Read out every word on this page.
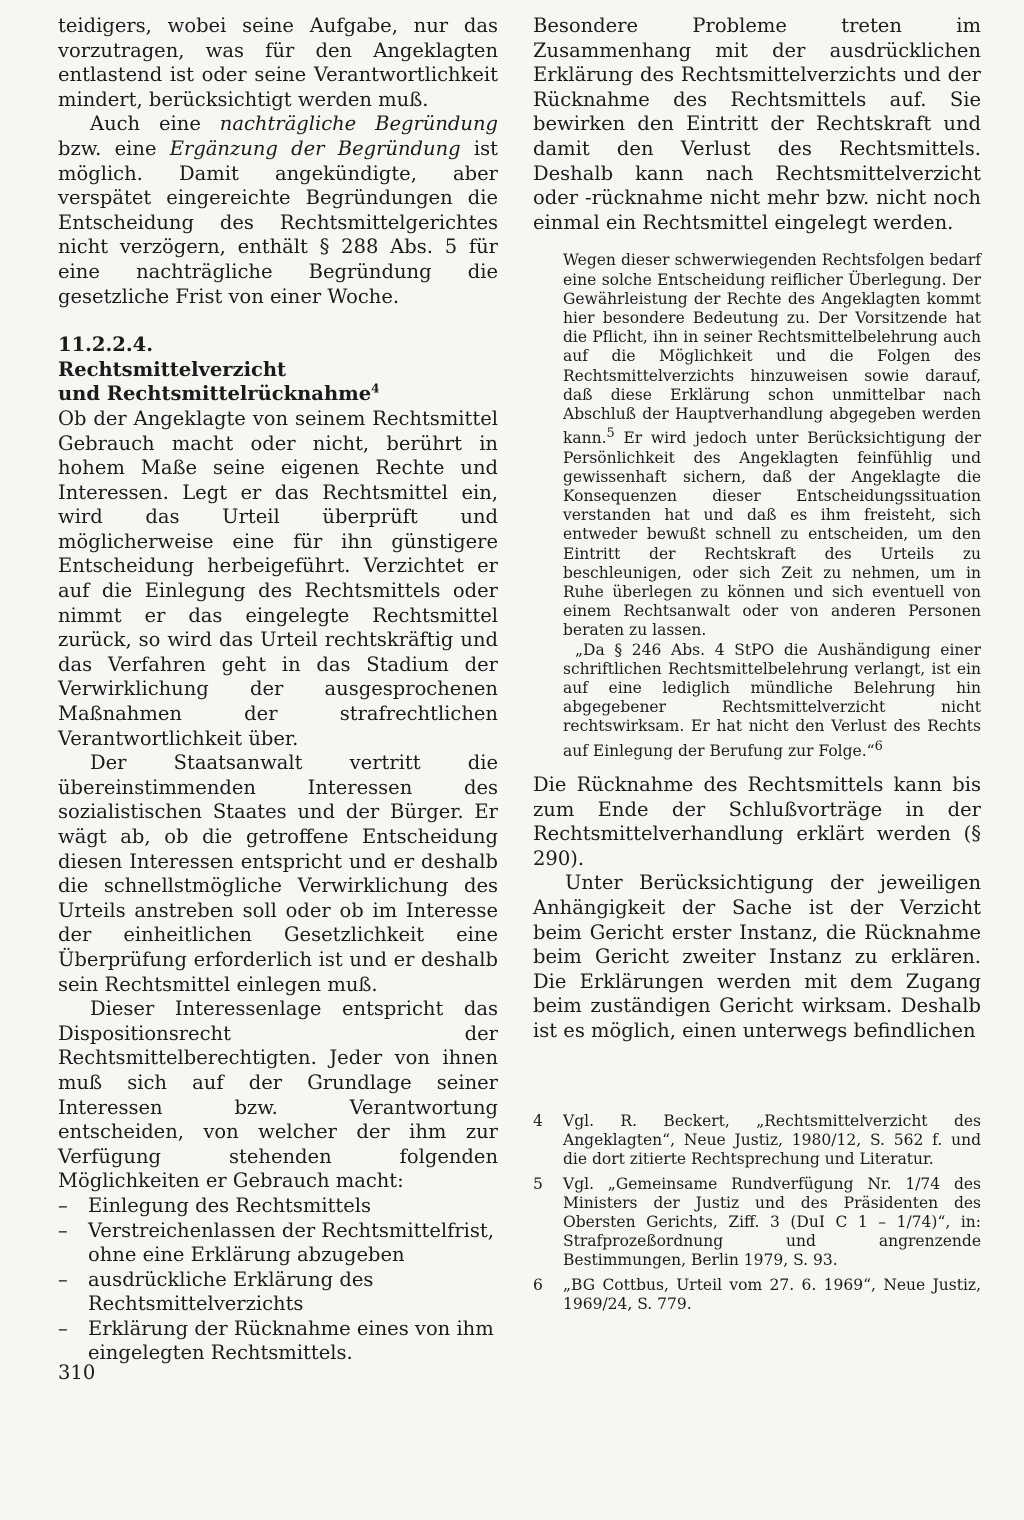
teidigers, wobei seine Aufgabe, nur das vorzutragen, was für den Angeklagten entlastend ist oder seine Verantwortlichkeit mindert, berücksichtigt werden muß.

Auch eine nachträgliche Begründung bzw. eine Ergänzung der Begründung ist möglich. Damit angekündigte, aber verspätet eingereichte Begründungen die Entscheidung des Rechtsmittelgerichtes nicht verzögern, enthält § 288 Abs. 5 für eine nachträgliche Begründung die gesetzliche Frist von einer Woche.

11.2.2.4.
Rechtsmittelverzicht
und Rechtsmittelrücknahme$^4$

Ob der Angeklagte von seinem Rechtsmittel Gebrauch macht oder nicht, berührt in hohem Maße seine eigenen Rechte und Interessen. Legt er das Rechtsmittel ein, wird das Urteil überprüft und möglicherweise eine für ihn günstigere Entscheidung herbeigeführt. Verzichtet er auf die Einlegung des Rechtsmittels oder nimmt er das eingelegte Rechtsmittel zurück, so wird das Urteil rechtskräftig und das Verfahren geht in das Stadium der Verwirklichung der ausgesprochenen Maßnahmen der strafrechtlichen Verantwortlichkeit über.

Der Staatsanwalt vertritt die übereinstimmenden Interessen des sozialistischen Staates und der Bürger. Er wägt ab, ob die getroffene Entscheidung diesen Interessen entspricht und er deshalb die schnellstmögliche Verwirklichung des Urteils anstreben soll oder ob im Interesse der einheitlichen Gesetzlichkeit eine Überprüfung erforderlich ist und er deshalb sein Rechtsmittel einlegen muß.

Dieser Interessenlage entspricht das Dispositionsrecht der Rechtsmittelberechtigten. Jeder von ihnen muß sich auf der Grundlage seiner Interessen bzw. Verantwortung entscheiden, von welcher der ihm zur Verfügung stehenden folgenden Möglichkeiten er Gebrauch macht:

– Einlegung des Rechtsmittels
– Verstreichenlassen der Rechtsmittelfrist, ohne eine Erklärung abzugeben
– ausdrückliche Erklärung des Rechtsmittelverzichts
– Erklärung der Rücknahme eines von ihm eingelegten Rechtsmittels.

Besondere Probleme treten im Zusammenhang mit der ausdrücklichen Erklärung des Rechtsmittelverzichts und der Rücknahme des Rechtsmittels auf. Sie bewirken den Eintritt der Rechtskraft und damit den Verlust des Rechtsmittels. Deshalb kann nach Rechtsmittelverzicht oder -rücknahme nicht mehr bzw. nicht noch einmal ein Rechtsmittel eingelegt werden.

Wegen dieser schwerwiegenden Rechtsfolgen bedarf eine solche Entscheidung reiflicher Überlegung. Der Gewährleistung der Rechte des Angeklagten kommt hier besondere Bedeutung zu. Der Vorsitzende hat die Pflicht, ihn in seiner Rechtsmittelbelehrung auch auf die Möglichkeit und die Folgen des Rechtsmittelverzichts hinzuweisen sowie darauf, daß diese Erklärung schon unmittelbar nach Abschluß der Hauptverhandlung abgegeben werden kann.$^5$ Er wird jedoch unter Berücksichtigung der Persönlichkeit des Angeklagten feinfühlig und gewissenhaft sichern, daß der Angeklagte die Konsequenzen dieser Entscheidungssituation verstanden hat und daß es ihm freisteht, sich entweder bewußt schnell zu entscheiden, um den Eintritt der Rechtskraft des Urteils zu beschleunigen, oder sich Zeit zu nehmen, um in Ruhe überlegen zu können und sich eventuell von einem Rechtsanwalt oder von anderen Personen beraten zu lassen.

„Da § 246 Abs. 4 StPO die Aushändigung einer schriftlichen Rechtsmittelbelehrung verlangt, ist ein auf eine lediglich mündliche Belehrung hin abgegebener Rechtsmittelverzicht nicht rechtswirksam. Er hat nicht den Verlust des Rechts auf Einlegung der Berufung zur Folge.“$^6$

Die Rücknahme des Rechtsmittels kann bis zum Ende der Schlußvorträge in der Rechtsmittelverhandlung erklärt werden (§ 290).

Unter Berücksichtigung der jeweiligen Anhängigkeit der Sache ist der Verzicht beim Gericht erster Instanz, die Rücknahme beim Gericht zweiter Instanz zu erklären. Die Erklärungen werden mit dem Zugang beim zuständigen Gericht wirksam. Deshalb ist es möglich, einen unterwegs befindlichen

4 Vgl. R. Beckert, „Rechtsmittelverzicht des Angeklagten“, Neue Justiz, 1980/12, S. 562 f. und die dort zitierte Rechtsprechung und Literatur.
5 Vgl. „Gemeinsame Rundverfügung Nr. 1/74 des Ministers der Justiz und des Präsidenten des Obersten Gerichts, Ziff. 3 (DuI C 1 – 1/74)“, in: Strafprozeßordnung und angrenzende Bestimmungen, Berlin 1979, S. 93.
6 „BG Cottbus, Urteil vom 27. 6. 1969“, Neue Justiz, 1969/24, S. 779.
310
